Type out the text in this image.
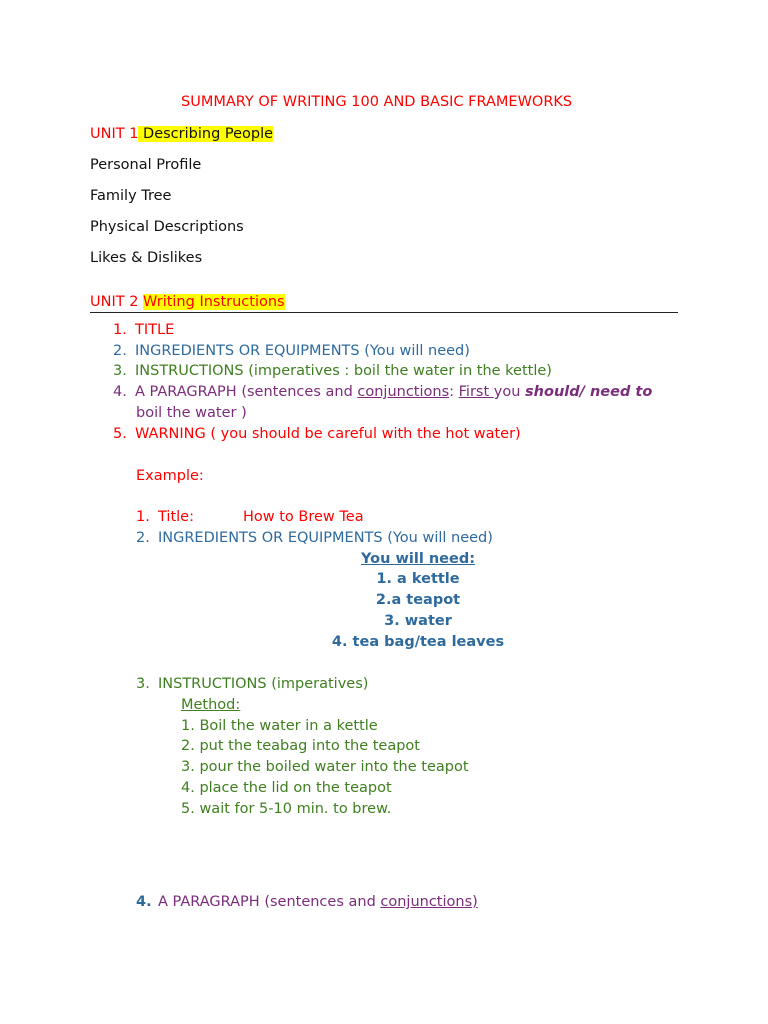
SUMMARY OF WRITING 100 AND BASIC FRAMEWORKS
UNIT 1 Describing People
Personal Profile
Family Tree
Physical Descriptions
Likes & Dislikes
UNIT 2 Writing Instructions
1. TITLE
2. INGREDIENTS OR EQUIPMENTS (You will need)
3. INSTRUCTIONS (imperatives : boil the water in the kettle)
4. A PARAGRAPH (sentences and conjunctions: First you should/ need to
boil the water )
5. WARNING ( you should be careful with the hot water)
Example:
1. Title:	How to Brew Tea
2. INGREDIENTS OR EQUIPMENTS (You will need)
You will need:
1. a kettle
2.a teapot
3. water
4. tea bag/tea leaves
3. INSTRUCTIONS (imperatives)
Method:
1. Boil the water in a kettle
2. put the teabag into the teapot
3. pour the boiled water into the teapot
4. place the lid on the teapot
5. wait for 5-10 min. to brew.
4. A PARAGRAPH (sentences and conjunctions)
